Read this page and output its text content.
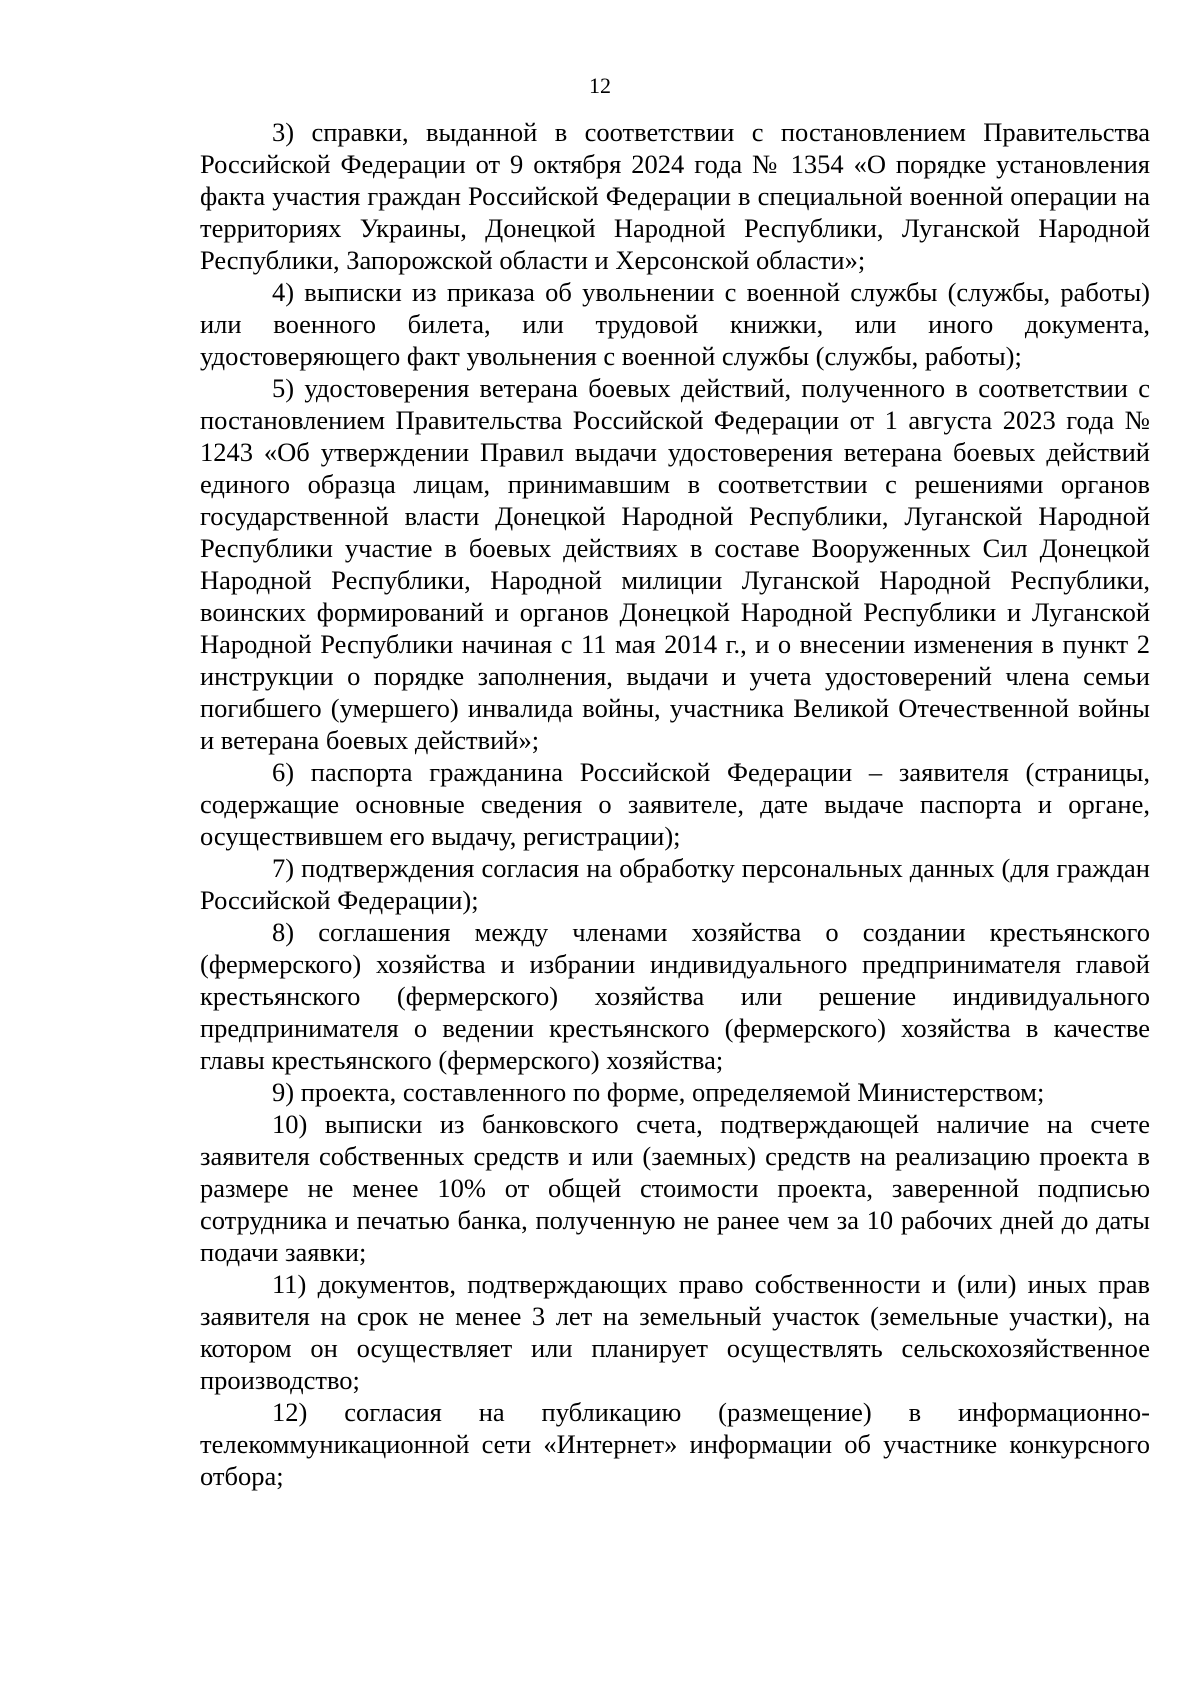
12

3) справки, выданной в соответствии с постановлением Правительства Российской Федерации от 9 октября 2024 года № 1354 «О порядке установления факта участия граждан Российской Федерации в специальной военной операции на территориях Украины, Донецкой Народной Республики, Луганской Народной Республики, Запорожской области и Херсонской области»;

4) выписки из приказа об увольнении с военной службы (службы, работы) или военного билета, или трудовой книжки, или иного документа, удостоверяющего факт увольнения с военной службы (службы, работы);

5) удостоверения ветерана боевых действий, полученного в соответствии с постановлением Правительства Российской Федерации от 1 августа 2023 года № 1243 «Об утверждении Правил выдачи удостоверения ветерана боевых действий единого образца лицам, принимавшим в соответствии с решениями органов государственной власти Донецкой Народной Республики, Луганской Народной Республики участие в боевых действиях в составе Вооруженных Сил Донецкой Народной Республики, Народной милиции Луганской Народной Республики, воинских формирований и органов Донецкой Народной Республики и Луганской Народной Республики начиная с 11 мая 2014 г., и о внесении изменения в пункт 2 инструкции о порядке заполнения, выдачи и учета удостоверений члена семьи погибшего (умершего) инвалида войны, участника Великой Отечественной войны и ветерана боевых действий»;

6) паспорта гражданина Российской Федерации – заявителя (страницы, содержащие основные сведения о заявителе, дате выдаче паспорта и органе, осуществившем его выдачу, регистрации);

7) подтверждения согласия на обработку персональных данных (для граждан Российской Федерации);

8) соглашения между членами хозяйства о создании крестьянского (фермерского) хозяйства и избрании индивидуального предпринимателя главой крестьянского (фермерского) хозяйства или решение индивидуального предпринимателя о ведении крестьянского (фермерского) хозяйства в качестве главы крестьянского (фермерского) хозяйства;

9) проекта, составленного по форме, определяемой Министерством;

10) выписки из банковского счета, подтверждающей наличие на счете заявителя собственных средств и или (заемных) средств на реализацию проекта в размере не менее 10% от общей стоимости проекта, заверенной подписью сотрудника и печатью банка, полученную не ранее чем за 10 рабочих дней до даты подачи заявки;

11) документов, подтверждающих право собственности и (или) иных прав заявителя на срок не менее 3 лет на земельный участок (земельные участки), на котором он осуществляет или планирует осуществлять сельскохозяйственное производство;

12) согласия на публикацию (размещение) в информационно-телекоммуникационной сети «Интернет» информации об участнике конкурсного отбора;
